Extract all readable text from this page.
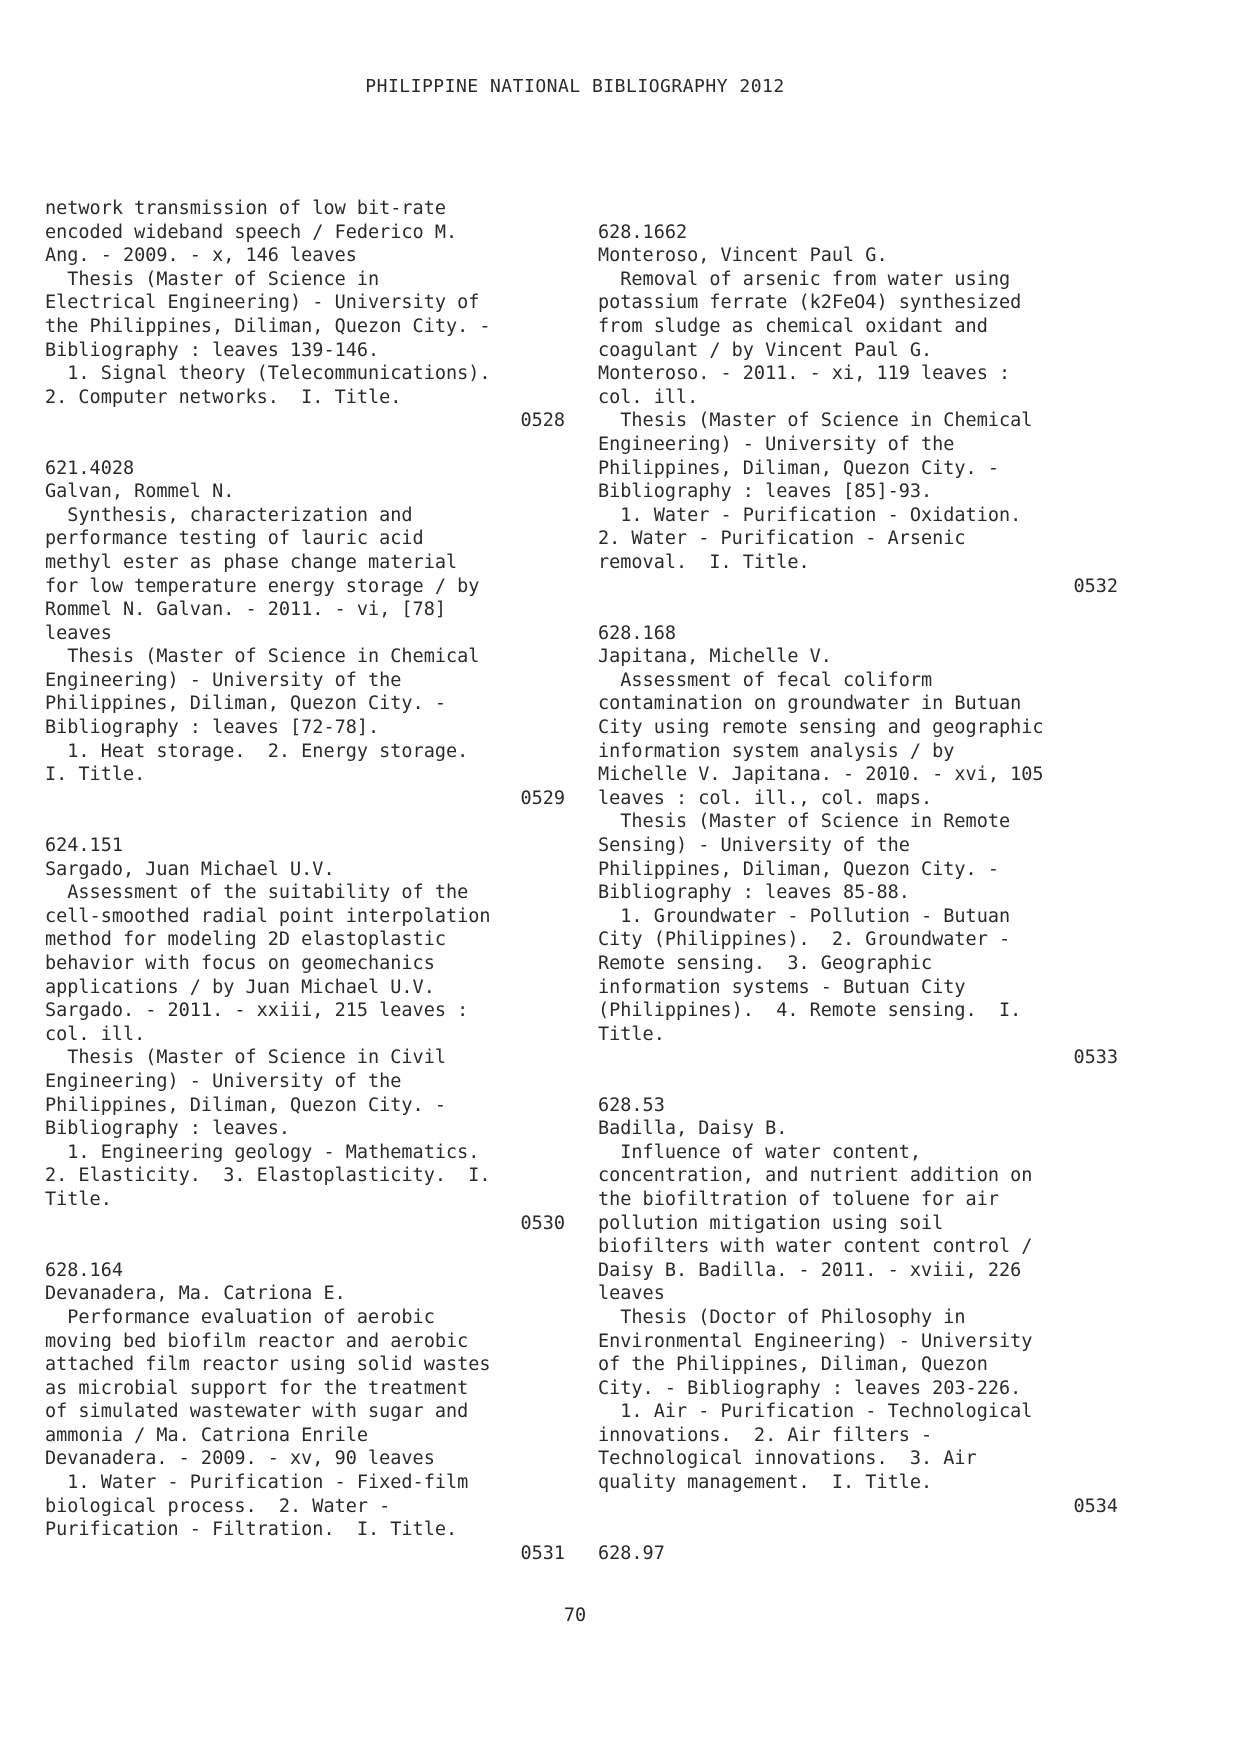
PHILIPPINE NATIONAL BIBLIOGRAPHY 2012
network transmission of low bit-rate
encoded wideband speech / Federico M.
Ang. - 2009. - x, 146 leaves
Thesis (Master of Science in
Electrical Engineering) - University of
the Philippines, Diliman, Quezon City. -
Bibliography : leaves 139-146.
1. Signal theory (Telecommunications).
2. Computer networks.  I. Title.
0528
621.4028
Galvan, Rommel N.
Synthesis, characterization and
performance testing of lauric acid
methyl ester as phase change material
for low temperature energy storage / by
Rommel N. Galvan. - 2011. - vi, [78]
leaves
Thesis (Master of Science in Chemical
Engineering) - University of the
Philippines, Diliman, Quezon City. -
Bibliography : leaves [72-78].
1. Heat storage.  2. Energy storage.
I. Title.
0529
624.151
Sargado, Juan Michael U.V.
Assessment of the suitability of the
cell-smoothed radial point interpolation
method for modeling 2D elastoplastic
behavior with focus on geomechanics
applications / by Juan Michael U.V.
Sargado. - 2011. - xxiii, 215 leaves :
col. ill.
Thesis (Master of Science in Civil
Engineering) - University of the
Philippines, Diliman, Quezon City. -
Bibliography : leaves.
1. Engineering geology - Mathematics.
2. Elasticity.  3. Elastoplasticity.  I.
Title.
0530
628.164
Devanadera, Ma. Catriona E.
Performance evaluation of aerobic
moving bed biofilm reactor and aerobic
attached film reactor using solid wastes
as microbial support for the treatment
of simulated wastewater with sugar and
ammonia / Ma. Catriona Enrile
Devanadera. - 2009. - xv, 90 leaves
1. Water - Purification - Fixed-film
biological process.  2. Water -
Purification - Filtration.  I. Title.
0531
628.1662
Monteroso, Vincent Paul G.
Removal of arsenic from water using
potassium ferrate (k2FeO4) synthesized
from sludge as chemical oxidant and
coagulant / by Vincent Paul G.
Monteroso. - 2011. - xi, 119 leaves :
col. ill.
Thesis (Master of Science in Chemical
Engineering) - University of the
Philippines, Diliman, Quezon City. -
Bibliography : leaves [85]-93.
1. Water - Purification - Oxidation.
2. Water - Purification - Arsenic
removal.  I. Title.
0532
628.168
Japitana, Michelle V.
Assessment of fecal coliform
contamination on groundwater in Butuan
City using remote sensing and geographic
information system analysis / by
Michelle V. Japitana. - 2010. - xvi, 105
leaves : col. ill., col. maps.
Thesis (Master of Science in Remote
Sensing) - University of the
Philippines, Diliman, Quezon City. -
Bibliography : leaves 85-88.
1. Groundwater - Pollution - Butuan
City (Philippines).  2. Groundwater -
Remote sensing.  3. Geographic
information systems - Butuan City
(Philippines).  4. Remote sensing.  I.
Title.
0533
628.53
Badilla, Daisy B.
Influence of water content,
concentration, and nutrient addition on
the biofiltration of toluene for air
pollution mitigation using soil
biofilters with water content control /
Daisy B. Badilla. - 2011. - xviii, 226
leaves
Thesis (Doctor of Philosophy in
Environmental Engineering) - University
of the Philippines, Diliman, Quezon
City. - Bibliography : leaves 203-226.
1. Air - Purification - Technological
innovations.  2. Air filters -
Technological innovations.  3. Air
quality management.  I. Title.
0534
628.97
70
